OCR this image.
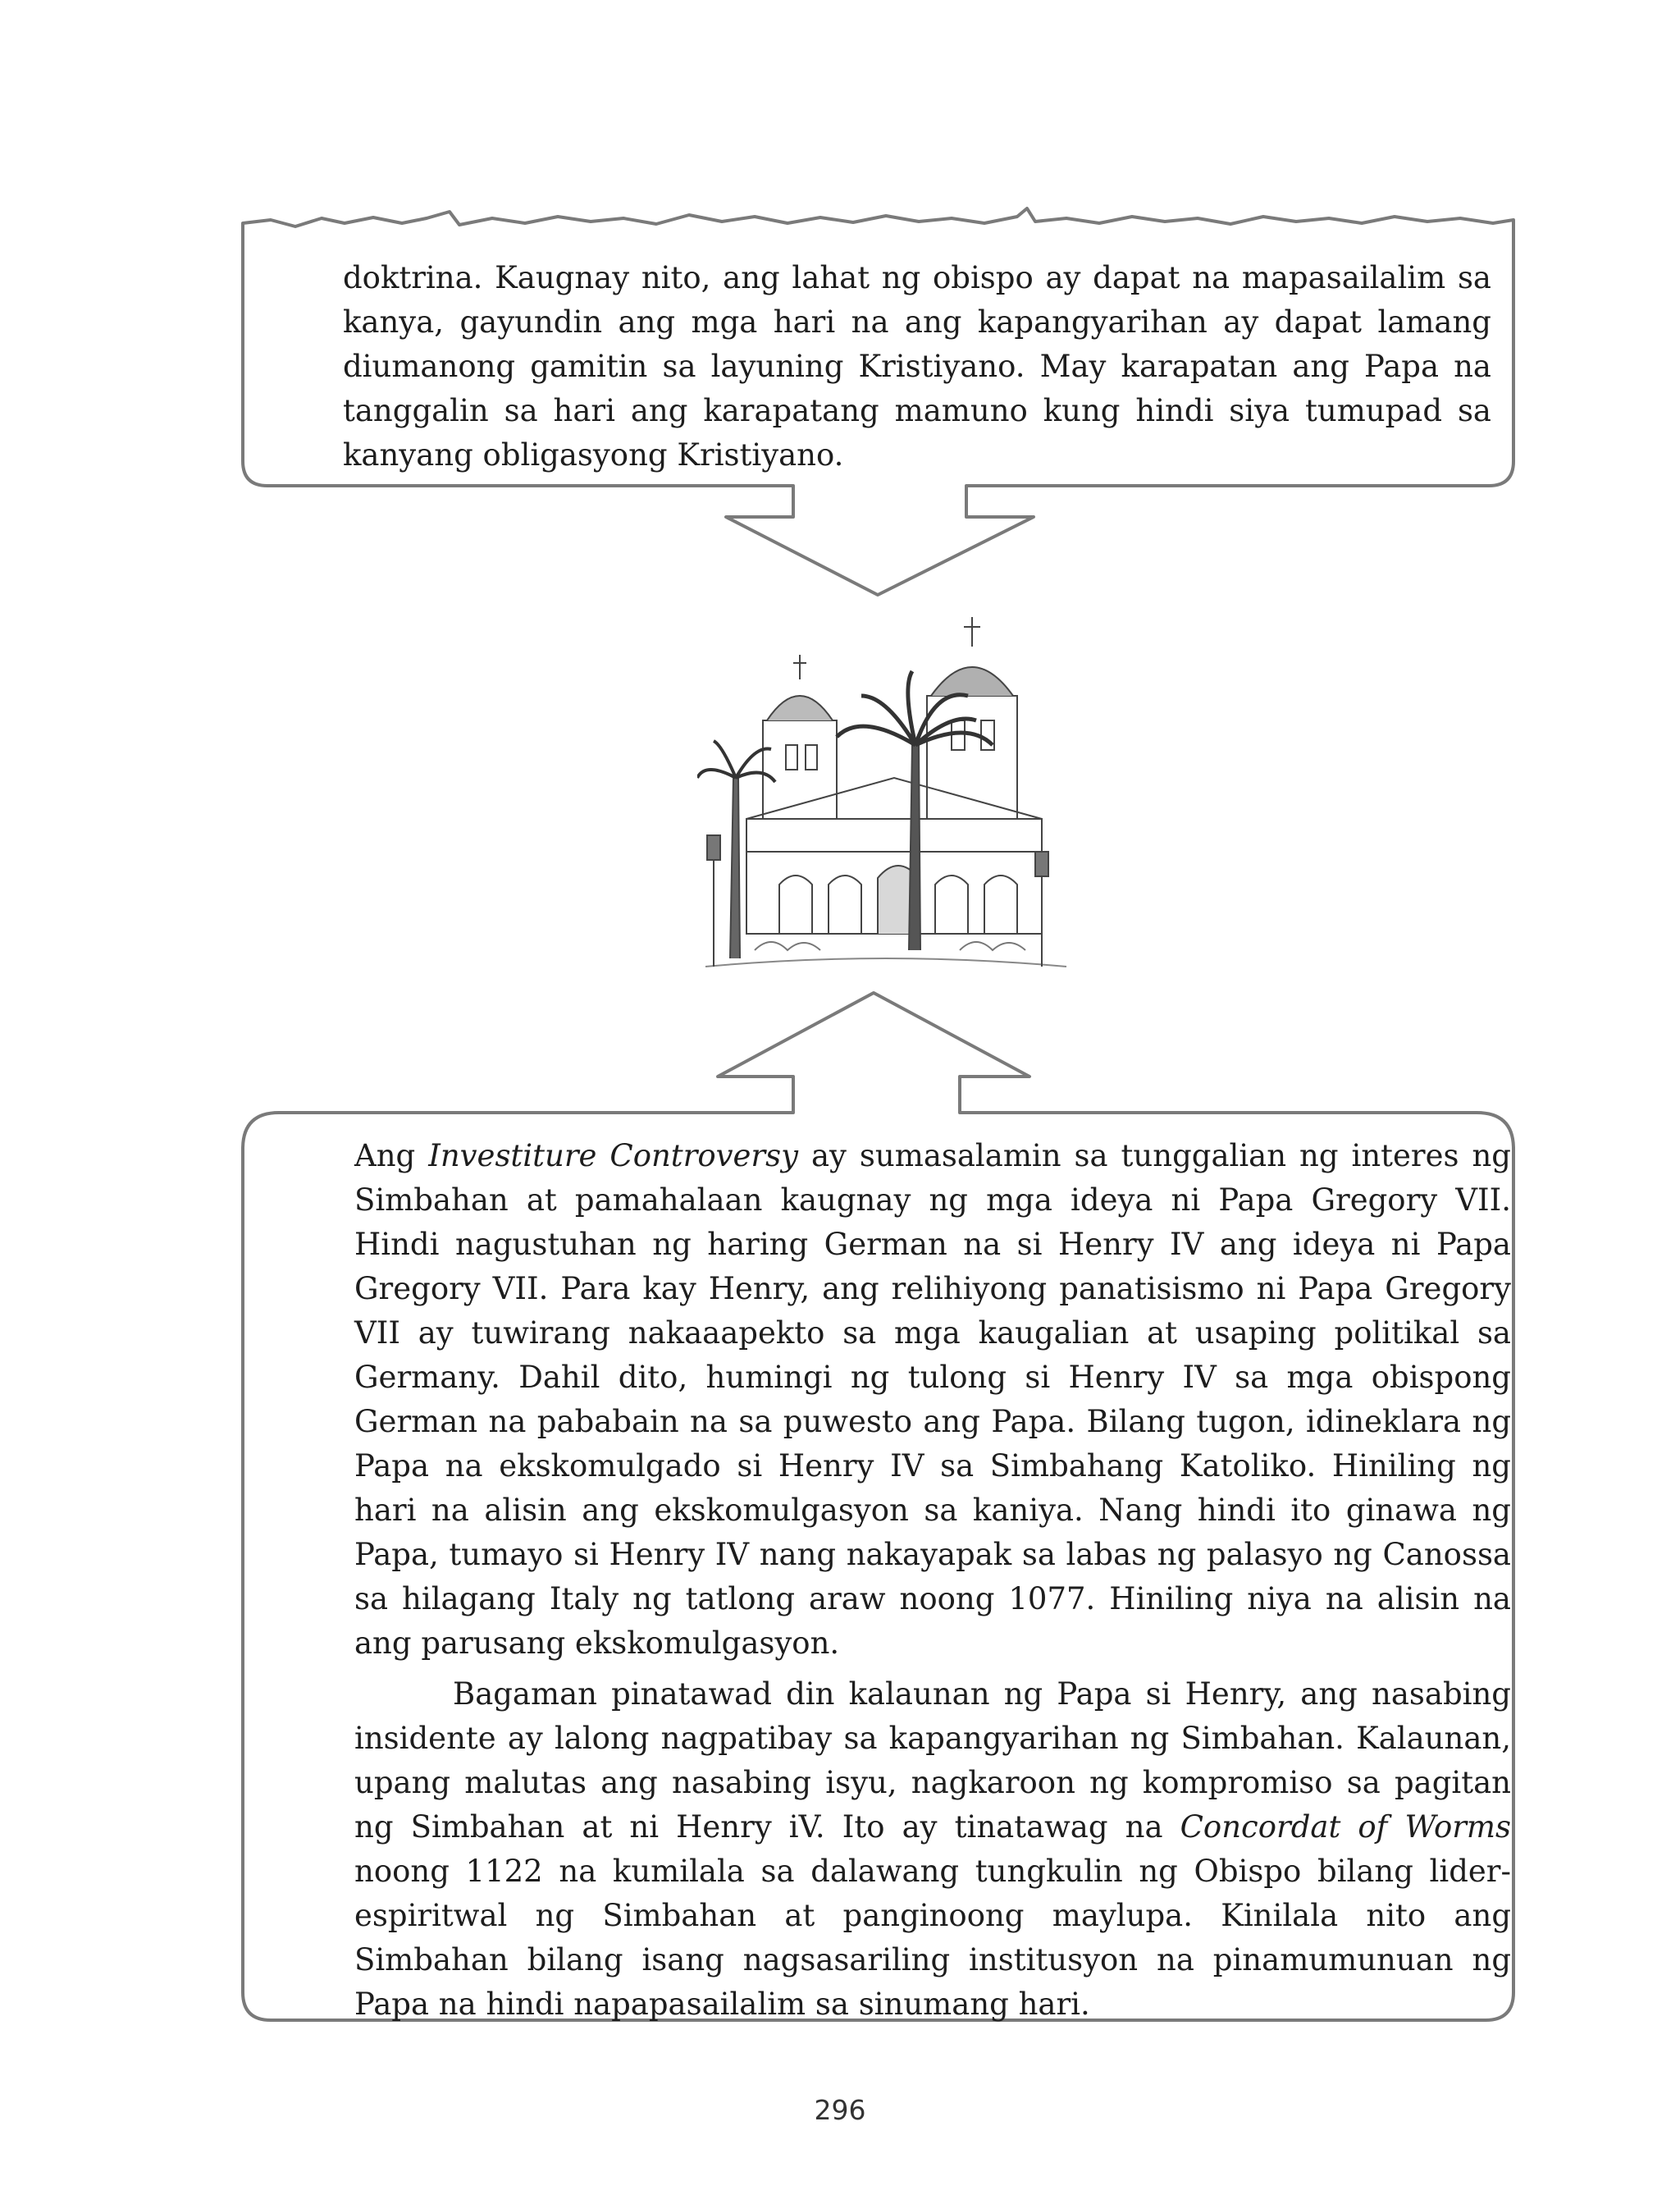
doktrina. Kaugnay nito, ang lahat ng obispo ay dapat na mapasailalim sa kanya, gayundin ang mga hari na ang kapangyarihan ay dapat lamang diumanong gamitin sa layuning Kristiyano. May karapatan ang Papa na tanggalin sa hari ang karapatang mamuno kung hindi siya tumupad sa kanyang obligasyong Kristiyano.

Ang Investiture Controversy ay sumasalamin sa tunggalian ng interes ng Simbahan at pamahalaan kaugnay ng mga ideya ni Papa Gregory VII. Hindi nagustuhan ng haring German na si Henry IV ang ideya ni Papa Gregory VII. Para kay Henry, ang relihiyong panatisismo ni Papa Gregory VII ay tuwirang nakaaapekto sa mga kaugalian at usaping politikal sa Germany. Dahil dito, humingi ng tulong si Henry IV sa mga obispong German na pababain na sa puwesto ang Papa. Bilang tugon, idineklara ng Papa na ekskomulgado si Henry IV sa Simbahang Katoliko. Hiniling ng hari na alisin ang ekskomulgasyon sa kaniya. Nang hindi ito ginawa ng Papa, tumayo si Henry IV nang nakayapak sa labas ng palasyo ng Canossa sa hilagang Italy ng tatlong araw noong 1077. Hiniling niya na alisin na ang parusang ekskomulgasyon.

Bagaman pinatawad din kalaunan ng Papa si Henry, ang nasabing insidente ay lalong nagpatibay sa kapangyarihan ng Simbahan. Kalaunan, upang malutas ang nasabing isyu, nagkaroon ng kompromiso sa pagitan ng Simbahan at ni Henry iV. Ito ay tinatawag na Concordat of Worms noong 1122 na kumilala sa dalawang tungkulin ng Obispo bilang lider-espiritwal ng Simbahan at panginoong maylupa. Kinilala nito ang Simbahan bilang isang nagsasariling institusyon na pinamumunuan ng Papa na hindi napapasailalim sa sinumang hari.

296
